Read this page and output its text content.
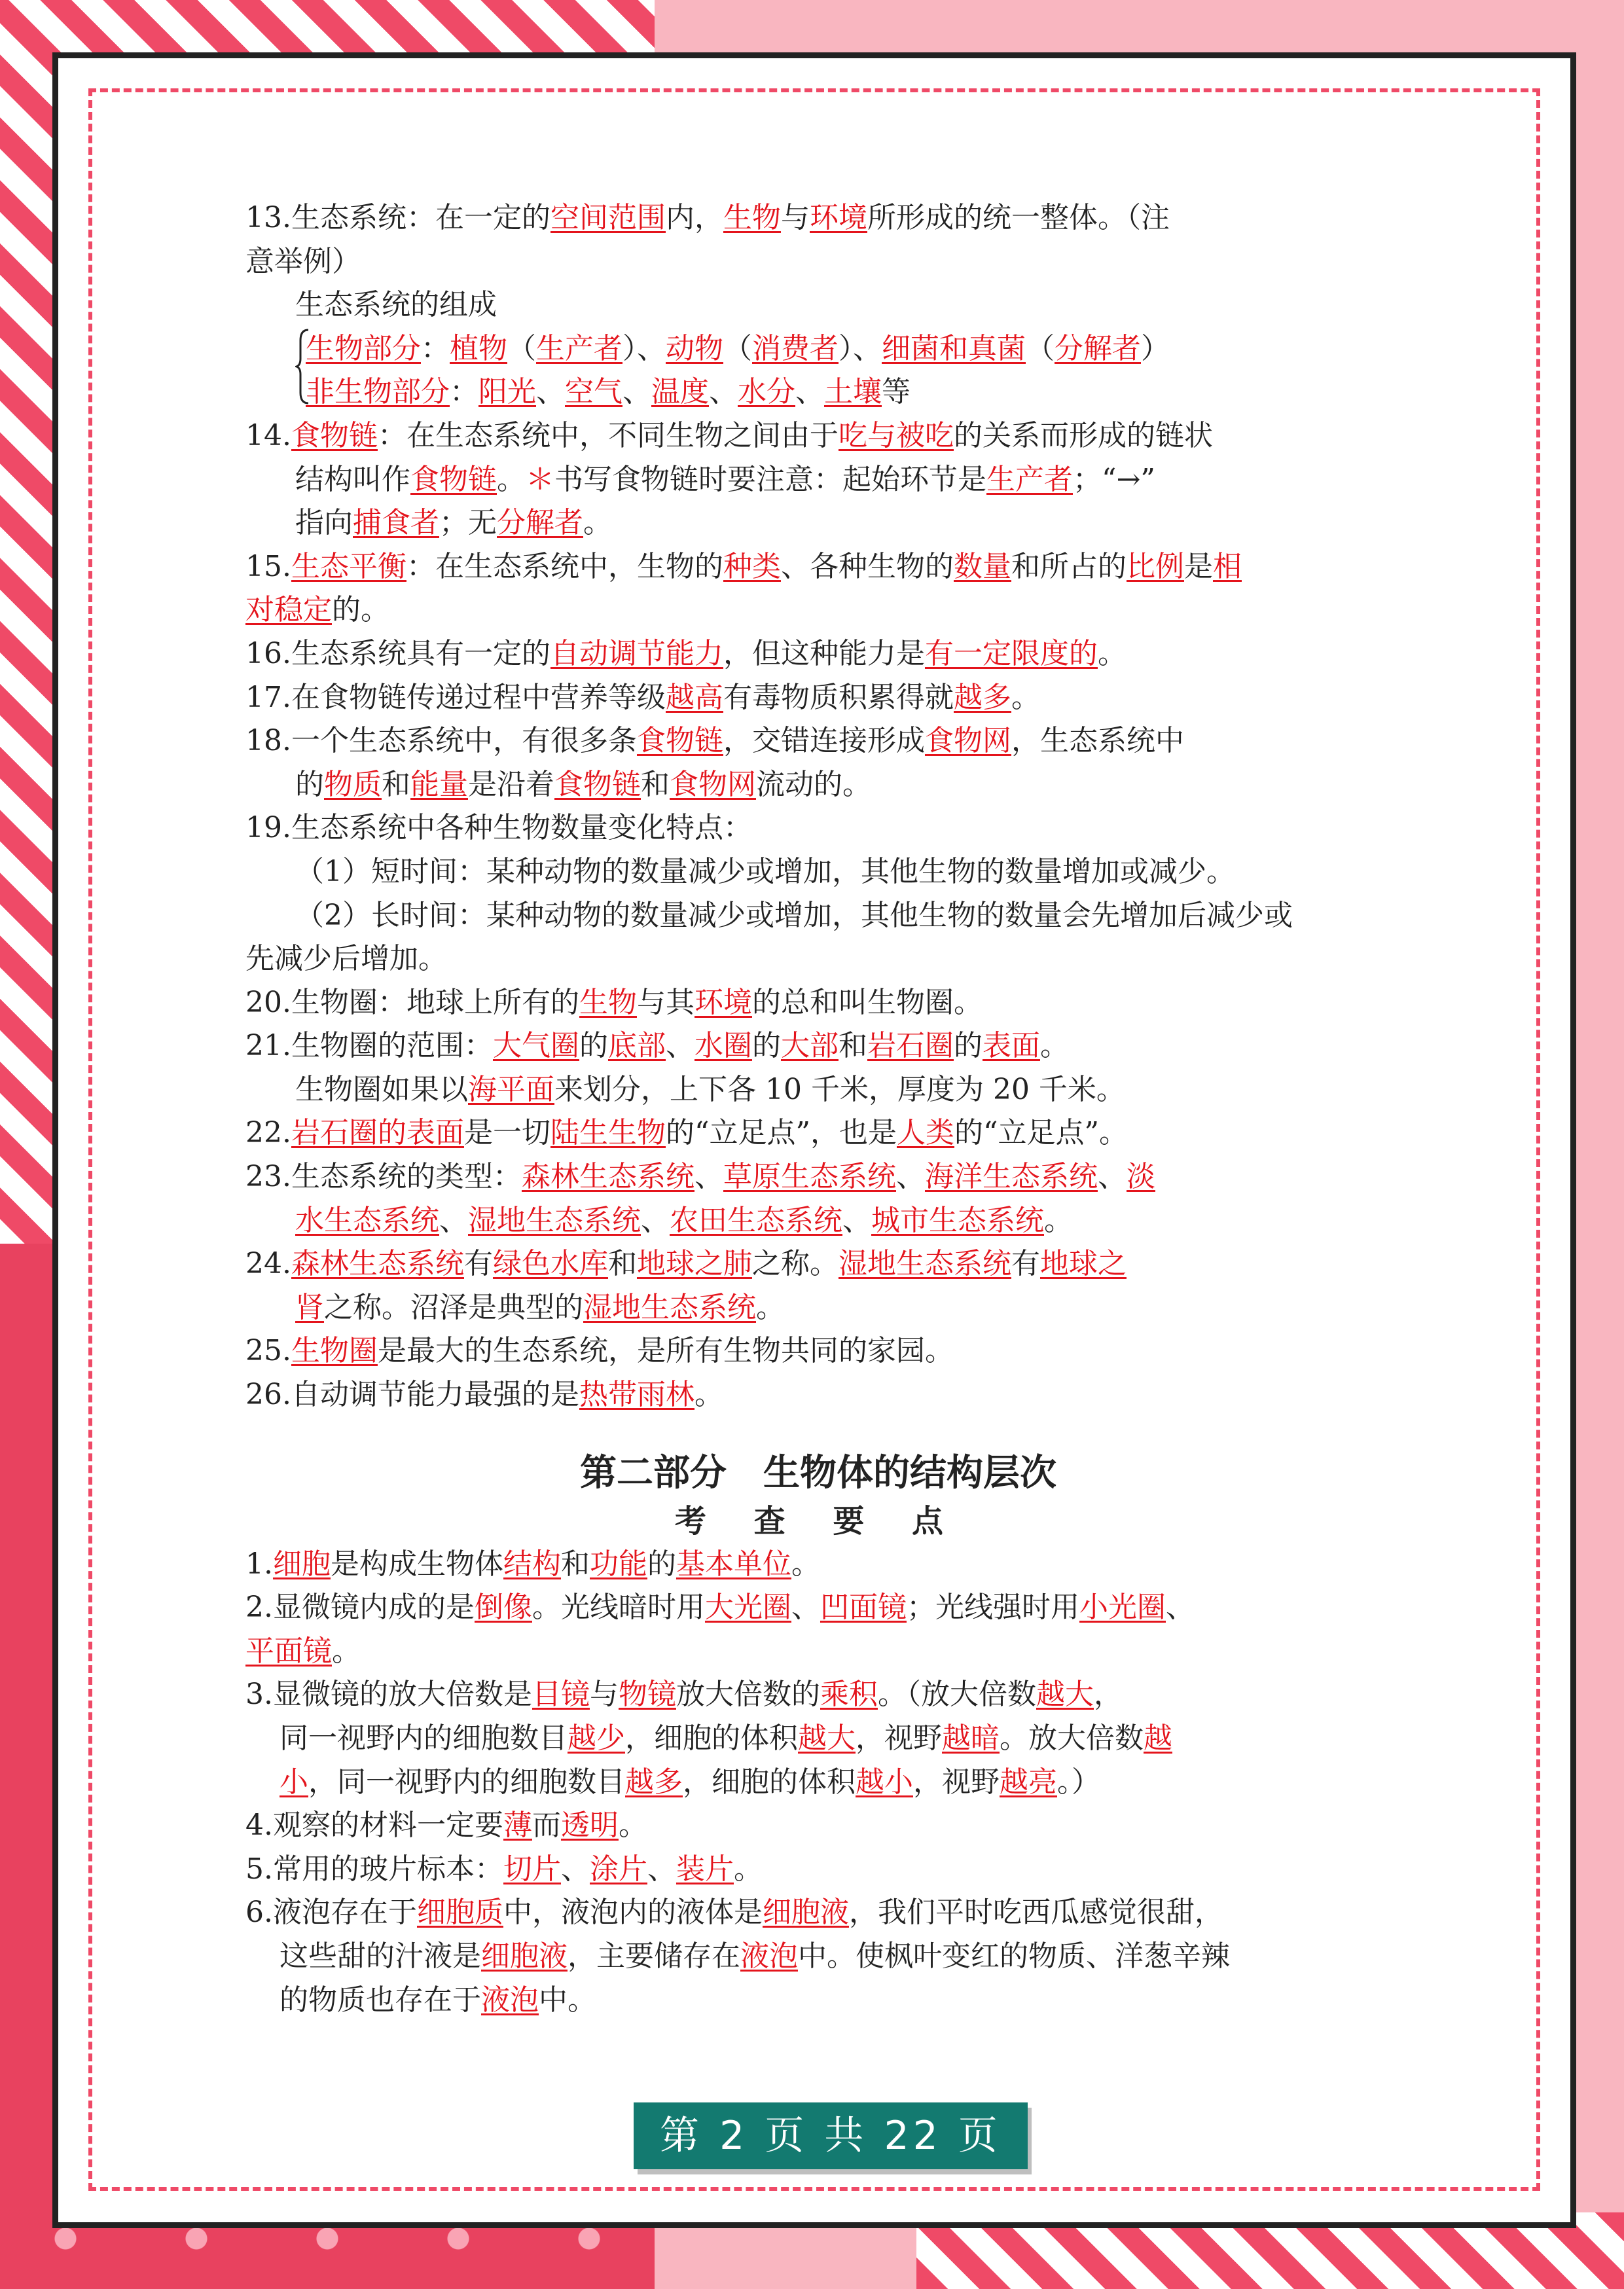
13.生态系统：在一定的空间范围内，生物与环境所形成的统一整体。（注
意举例）
生态系统的组成
生物部分：植物（生产者）、动物（消费者）、细菌和真菌（分解者）
非生物部分：阳光、空气、温度、水分、土壤等
14.食物链：在生态系统中，不同生物之间由于吃与被吃的关系而形成的链状
结构叫作食物链。＊书写食物链时要注意：起始环节是生产者；“→”
指向捕食者；无分解者。
15.生态平衡：在生态系统中，生物的种类、各种生物的数量和所占的比例是相
对稳定的。
16.生态系统具有一定的自动调节能力，但这种能力是有一定限度的。
17.在食物链传递过程中营养等级越高有毒物质积累得就越多。
18.一个生态系统中，有很多条食物链，交错连接形成食物网，生态系统中
的物质和能量是沿着食物链和食物网流动的。
19.生态系统中各种生物数量变化特点：
（1）短时间：某种动物的数量减少或增加，其他生物的数量增加或减少。
（2）长时间：某种动物的数量减少或增加，其他生物的数量会先增加后减少或
先减少后增加。
20.生物圈：地球上所有的生物与其环境的总和叫生物圈。
21.生物圈的范围：大气圈的底部、水圈的大部和岩石圈的表面。
生物圈如果以海平面来划分，上下各 10 千米，厚度为 20 千米。
22.岩石圈的表面是一切陆生生物的“立足点”，也是人类的“立足点”。
23.生态系统的类型：森林生态系统、草原生态系统、海洋生态系统、淡
水生态系统、湿地生态系统、农田生态系统、城市生态系统。
24.森林生态系统有绿色水库和地球之肺之称。湿地生态系统有地球之
肾之称。沼泽是典型的湿地生态系统。
25.生物圈是最大的生态系统，是所有生物共同的家园。
26.自动调节能力最强的是热带雨林。
第二部分　生物体的结构层次
考 查 要 点
1.细胞是构成生物体结构和功能的基本单位。
2.显微镜内成的是倒像。光线暗时用大光圈、凹面镜；光线强时用小光圈、
平面镜。
3.显微镜的放大倍数是目镜与物镜放大倍数的乘积。（放大倍数越大，
同一视野内的细胞数目越少，细胞的体积越大，视野越暗。放大倍数越
小，同一视野内的细胞数目越多，细胞的体积越小，视野越亮。）
4.观察的材料一定要薄而透明。
5.常用的玻片标本：切片、涂片、装片。
6.液泡存在于细胞质中，液泡内的液体是细胞液，我们平时吃西瓜感觉很甜，
这些甜的汁液是细胞液，主要储存在液泡中。使枫叶变红的物质、洋葱辛辣
的物质也存在于液泡中。
第 2 页 共 22 页
